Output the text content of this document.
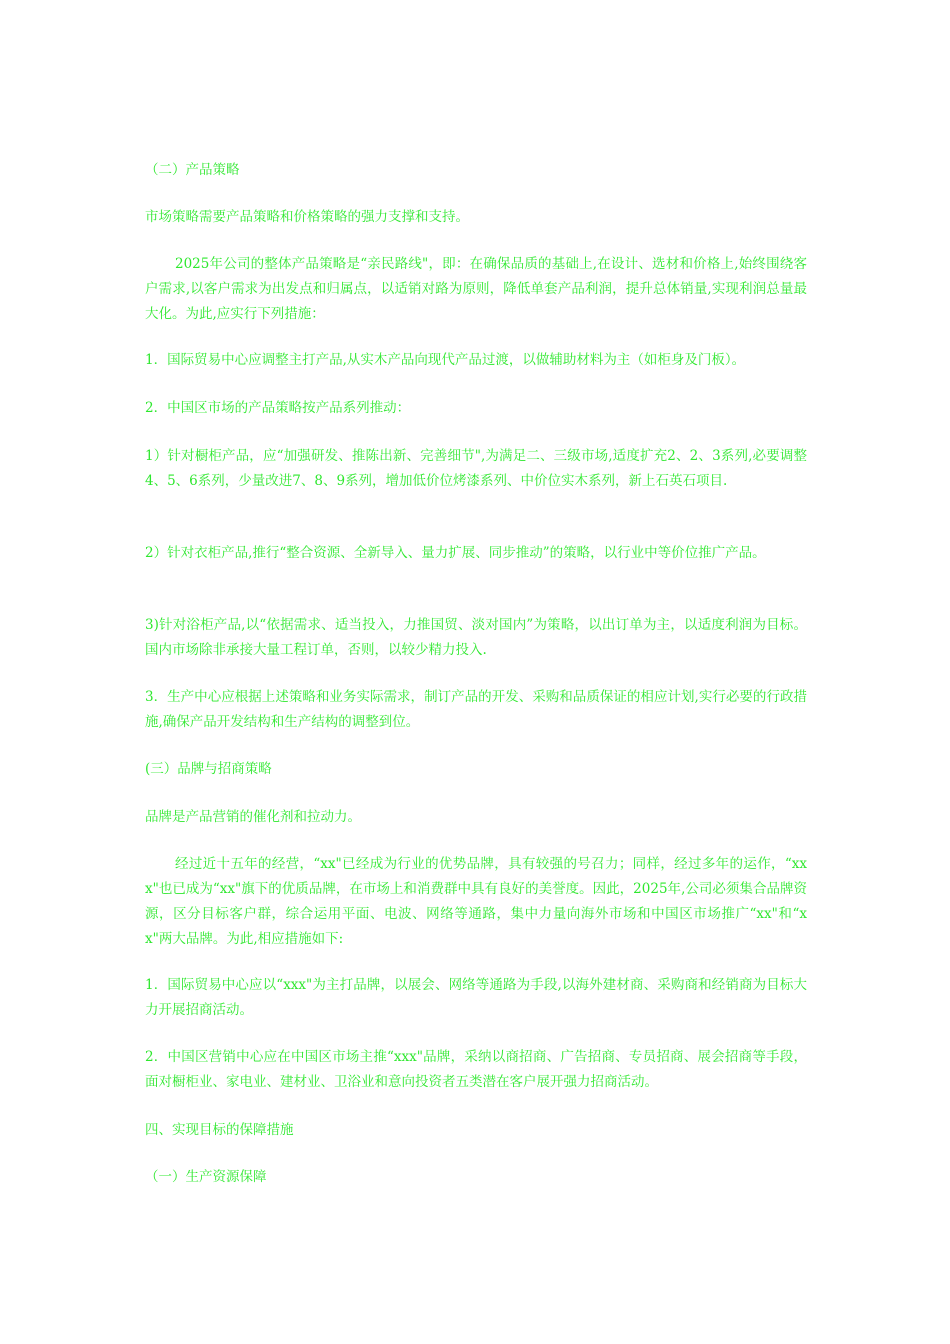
（二）产品策略

市场策略需要产品策略和价格策略的强力支撑和支持。

2025年公司的整体产品策略是“亲民路线"，即：在确保品质的基础上,在设计、选材和价格上,始终围绕客户需求,以客户需求为出发点和归属点，以适销对路为原则，降低单套产品利润，提升总体销量,实现利润总量最大化。为此,应实行下列措施：

1．国际贸易中心应调整主打产品,从实木产品向现代产品过渡，以做辅助材料为主（如柜身及门板）。

2．中国区市场的产品策略按产品系列推动：

1）针对橱柜产品，应“加强研发、推陈出新、完善细节",为满足二、三级市场,适度扩充2、2、3系列,必要调整4、5、6系列，少量改进7、8、9系列，增加低价位烤漆系列、中价位实木系列，新上石英石项目.

2）针对衣柜产品,推行“整合资源、全新导入、量力扩展、同步推动”的策略，以行业中等价位推广产品。

3)针对浴柜产品,以“依据需求、适当投入，力推国贸、淡对国内”为策略，以出订单为主，以适度利润为目标。国内市场除非承接大量工程订单，否则，以较少精力投入.

3．生产中心应根据上述策略和业务实际需求，制订产品的开发、采购和品质保证的相应计划,实行必要的行政措施,确保产品开发结构和生产结构的调整到位。

(三）品牌与招商策略

品牌是产品营销的催化剂和拉动力。

经过近十五年的经营，“xx"已经成为行业的优势品牌，具有较强的号召力；同样，经过多年的运作，“xxx"也已成为“xx"旗下的优质品牌，在市场上和消费群中具有良好的美誉度。因此，2025年,公司必须集合品牌资源，区分目标客户群，综合运用平面、电波、网络等通路，集中力量向海外市场和中国区市场推广“xx"和“xx"两大品牌。为此,相应措施如下:

1．国际贸易中心应以“xxx"为主打品牌，以展会、网络等通路为手段,以海外建材商、采购商和经销商为目标大力开展招商活动。

2．中国区营销中心应在中国区市场主推“xxx"品牌，采纳以商招商、广告招商、专员招商、展会招商等手段，面对橱柜业、家电业、建材业、卫浴业和意向投资者五类潜在客户展开强力招商活动。

四、实现目标的保障措施

（一）生产资源保障
